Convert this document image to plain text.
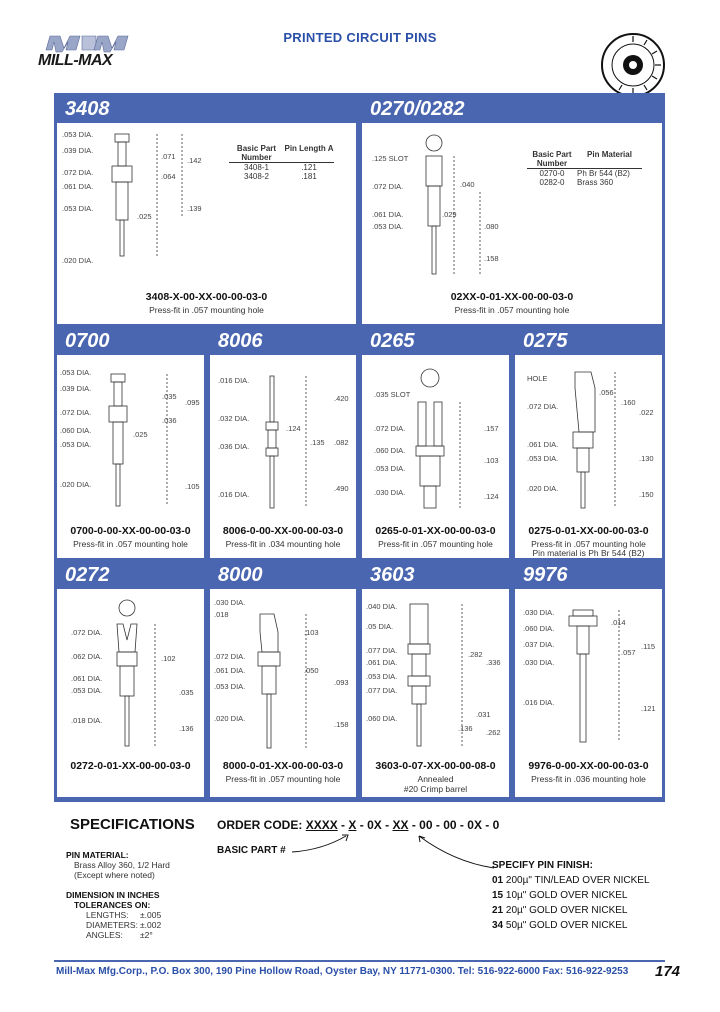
PRINTED CIRCUIT PINS
MILL-MAX
3408
.053 DIA.
.039 DIA.
.072 DIA.
.061 DIA.
.053 DIA.
.020 DIA.
.071 .142
.064
.025
.139
Basic Part Number
Pin Length A
3408-1	.121
3408-2	.181
3408-X-00-XX-00-00-03-0
Press-fit in .057 mounting hole
0270/0282
.125 SLOT
.072 DIA.
.061 DIA.
.053 DIA.
.040
.029
.080
.158
Basic Part Number
Pin Material
0270-0	Ph Br 544 (B2)
0282-0	Brass 360
02XX-0-01-XX-00-00-03-0
Press-fit in .057 mounting hole
0700
.053 DIA.
.039 DIA.
.072 DIA.
.060 DIA.
.053 DIA.
.020 DIA.
.035
.095
.036
.025
.105
0700-0-00-XX-00-00-03-0
Press-fit in .057 mounting hole
8006
.016 DIA.
.032 DIA.
.036 DIA.
.016 DIA.
.420
.124
.135 .082
.490
8006-0-00-XX-00-00-03-0
Press-fit in .034 mounting hole
0265
.035 SLOT
.072 DIA.
.060 DIA.
.053 DIA.
.030 DIA.
.157
.103
.124
0265-0-01-XX-00-00-03-0
Press-fit in .057 mounting hole
0275
HOLE
.072 DIA.
.061 DIA.
.053 DIA.
.020 DIA.
.056
.160
.022
.130
.150
0275-0-01-XX-00-00-03-0
Press-fit in .057 mounting hole
Pin material is Ph Br 544 (B2)
0272
.072 DIA.
.062 DIA.
.061 DIA.
.053 DIA.
.018 DIA.
.102
.035
.136
0272-0-01-XX-00-00-03-0
8000
.030 DIA.
.018
.072 DIA.
.061 DIA.
.053 DIA.
.020 DIA.
.103
.050
.093
.158
8000-0-01-XX-00-00-03-0
Press-fit in .057 mounting hole
3603
.040 DIA.
.05 DIA.
.077 DIA.
.061 DIA.
.053 DIA.
.077 DIA.
.060 DIA.
.282
.336
.136
.031
.262
3603-0-07-XX-00-00-08-0
Annealed
#20 Crimp barrel
9976
.030 DIA.
.060 DIA.
.037 DIA.
.030 DIA.
.016 DIA.
.014
.057
.115
.121
9976-0-00-XX-00-00-03-0
Press-fit in .036 mounting hole
SPECIFICATIONS
PIN MATERIAL:
Brass Alloy 360, 1/2 Hard
(Except where noted)
DIMENSION IN INCHES
TOLERANCES ON:
LENGTHS: ±.005
DIAMETERS: ±.002
ANGLES: ±2°
ORDER CODE: XXXX - X - 0X - XX - 00 - 00 - 0X - 0
BASIC PART #
SPECIFY PIN FINISH:
01 200µ" TIN/LEAD OVER NICKEL
15 10µ" GOLD OVER NICKEL
21 20µ" GOLD OVER NICKEL
34 50µ" GOLD OVER NICKEL
Mill-Max Mfg.Corp., P.O. Box 300, 190 Pine Hollow Road, Oyster Bay, NY 11771-0300. Tel: 516-922-6000 Fax: 516-922-9253	174
